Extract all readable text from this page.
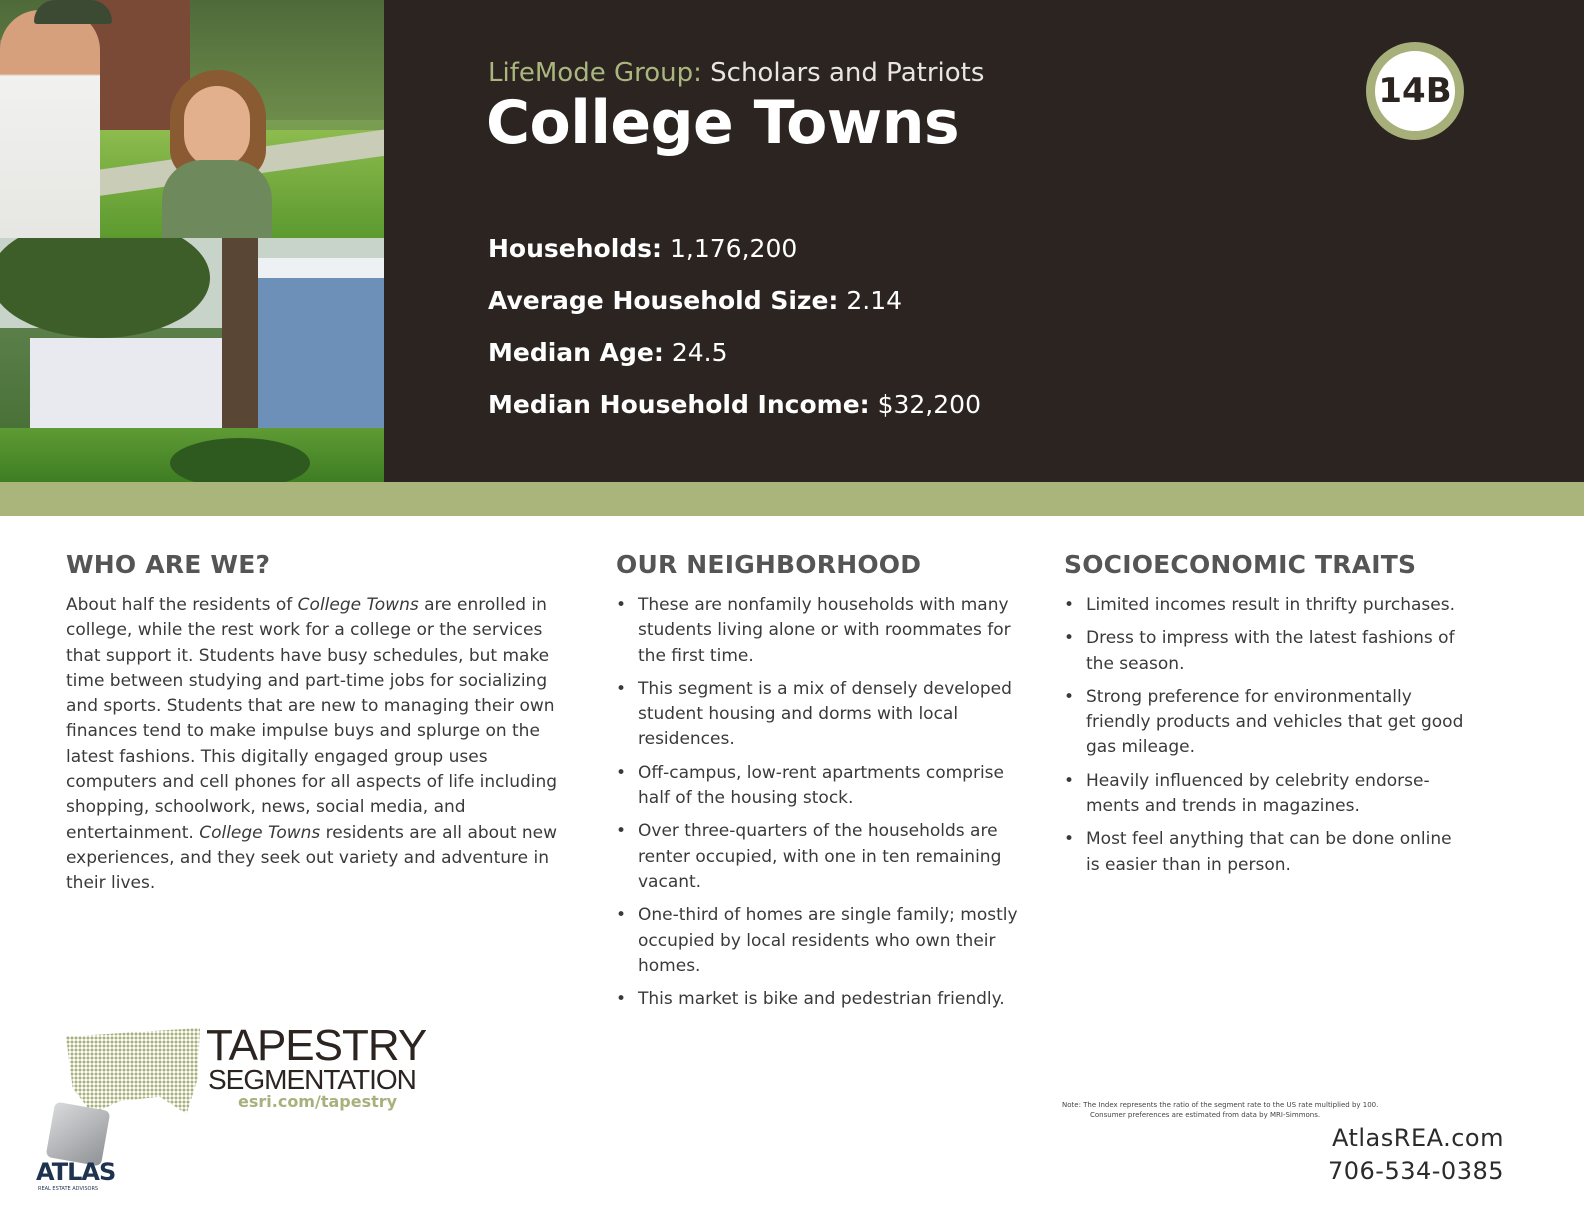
LifeMode Group: Scholars and Patriots
College Towns	14B
Households: 1,176,200
Average Household Size: 2.14
Median Age: 24.5
Median Household Income: $32,200
WHO ARE WE?

About half the residents of College Towns are enrolled in college, while the rest work for a college or the services that support it. Students have busy schedules, but make time between studying and part-time jobs for socializing and sports. Students that are new to managing their own finances tend to make impulse buys and splurge on the latest fashions. This digitally engaged group uses computers and cell phones for all aspects of life including shopping, schoolwork, news, social media, and entertainment. College Towns residents are all about new experiences, and they seek out variety and adventure in their lives.

OUR NEIGHBORHOOD
• These are nonfamily households with many students living alone or with roommates for the first time.
• This segment is a mix of densely developed student housing and dorms with local residences.
• Off-campus, low-rent apartments comprise half of the housing stock.
• Over three-quarters of the households are renter occupied, with one in ten remaining vacant.
• One-third of homes are single family; mostly occupied by local residents who own their homes.
• This market is bike and pedestrian friendly.
SOCIOECONOMIC TRAITS
• Limited incomes result in thrifty purchases.
• Dress to impress with the latest fashions of the season.
• Strong preference for environmentally friendly products and vehicles that get good gas mileage.
• Heavily influenced by celebrity endorse- ments and trends in magazines.
• Most feel anything that can be done online is easier than in person.
TAPESTRY
SEGMENTATION
esri.com/tapestry
ATLAS
REAL ESTATE ADVISORS
Note: The Index represents the ratio of the segment rate to the US rate multiplied by 100.
Consumer preferences are estimated from data by MRI-Simmons.
AtlasREA.com
706-534-0385
